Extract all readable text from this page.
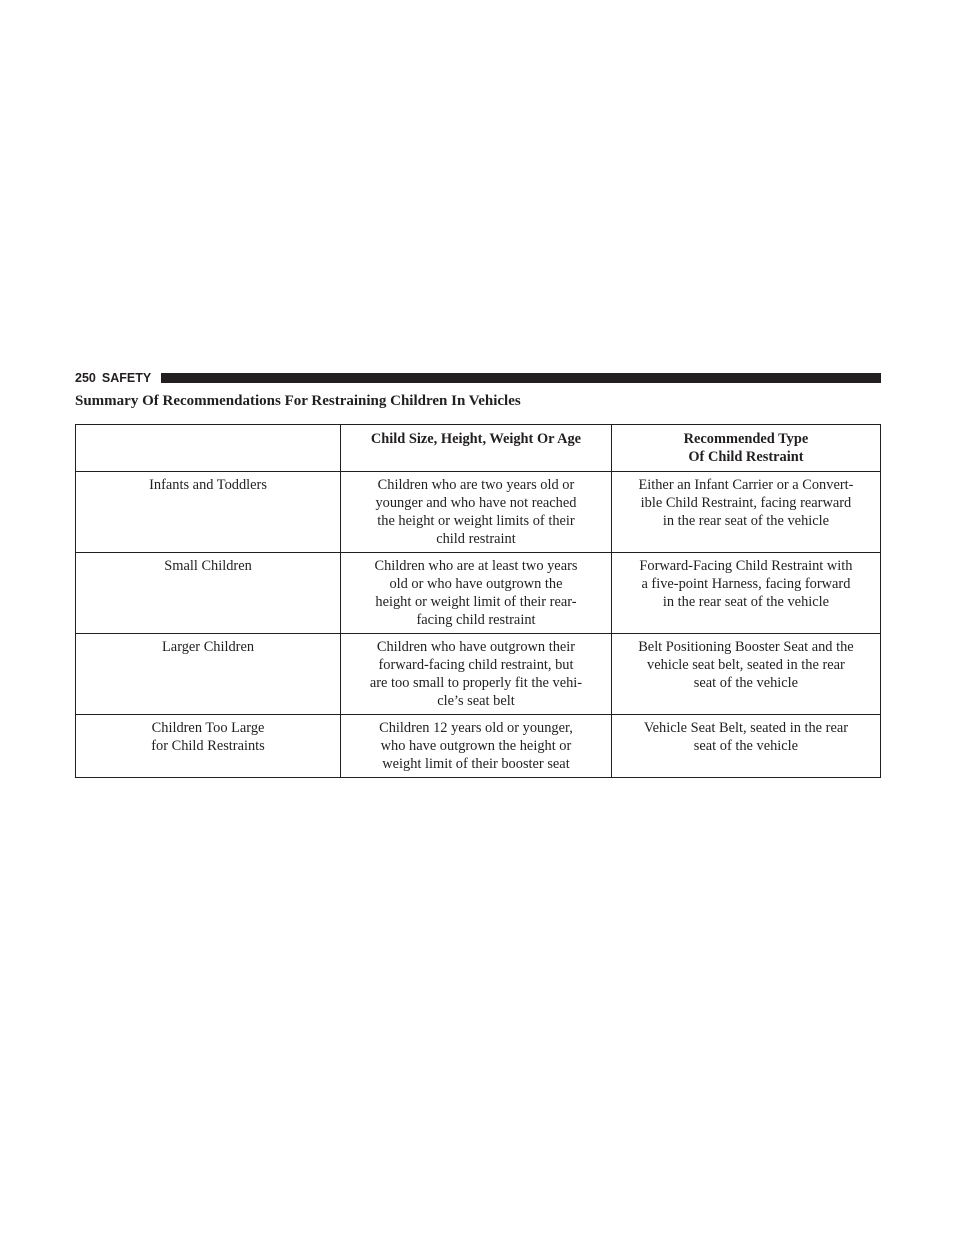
250 SAFETY
Summary Of Recommendations For Restraining Children In Vehicles

	Child Size, Height, Weight Or Age	Recommended Type
Of Child Restraint

Infants and Toddlers	Children who are two years old or
younger and who have not reached
the height or weight limits of their
child restraint	Either an Infant Carrier or a Convert-
ible Child Restraint, facing rearward
in the rear seat of the vehicle

Small Children	Children who are at least two years
old or who have outgrown the
height or weight limit of their rear-
facing child restraint	Forward-Facing Child Restraint with
a five-point Harness, facing forward
in the rear seat of the vehicle

Larger Children	Children who have outgrown their
forward-facing child restraint, but
are too small to properly fit the vehi-
cle’s seat belt	Belt Positioning Booster Seat and the
vehicle seat belt, seated in the rear
seat of the vehicle

Children Too Large
for Child Restraints	Children 12 years old or younger,
who have outgrown the height or
weight limit of their booster seat	Vehicle Seat Belt, seated in the rear
seat of the vehicle
